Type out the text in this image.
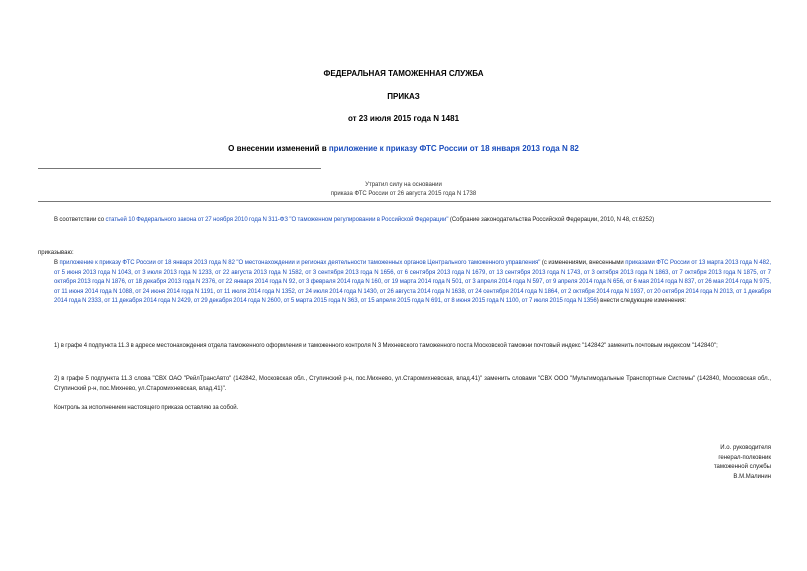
ФЕДЕРАЛЬНАЯ ТАМОЖЕННАЯ СЛУЖБА
ПРИКАЗ
от 23 июля 2015 года N 1481
О внесении изменений в приложение к приказу ФТС России от 18 января 2013 года N 82
Утратил силу на основании
приказа ФТС России от 26 августа 2015 года N 1738
В соответствии со статьей 10 Федерального закона от 27 ноября 2010 года N 311-ФЗ "О таможенном регулировании в Российской Федерации" (Собрание законодательства Российской Федерации, 2010, N 48, ст.6252)
приказываю:
В приложение к приказу ФТС России от 18 января 2013 года N 82 "О местонахождении и регионах деятельности таможенных органов Центрального таможенного управления" (с изменениями, внесенными приказами ФТС России от 13 марта 2013 года N 482, от 5 июня 2013 года N 1043, от 3 июля 2013 года N 1233, от 22 августа 2013 года N 1582, от 3 сентября 2013 года N 1656, от 6 сентября 2013 года N 1679, от 13 сентября 2013 года N 1743, от 3 октября 2013 года N 1863, от 7 октября 2013 года N 1875, от 7 октября 2013 года N 1876, от 18 декабря 2013 года N 2376, от 22 января 2014 года N 92, от 3 февраля 2014 года N 160, от 19 марта 2014 года N 501, от 3 апреля 2014 года N 597, от 9 апреля 2014 года N 656, от 6 мая 2014 года N 837, от 26 мая 2014 года N 975, от 11 июня 2014 года N 1088, от 24 июня 2014 года N 1191, от 11 июля 2014 года N 1352, от 24 июля 2014 года N 1430, от 26 августа 2014 года N 1638, от 24 сентября 2014 года N 1864, от 2 октября 2014 года N 1937, от 20 октября 2014 года N 2013, от 1 декабря 2014 года N 2333, от 11 декабря 2014 года N 2429, от 29 декабря 2014 года N 2600, от 5 марта 2015 года N 363, от 15 апреля 2015 года N 691, от 8 июня 2015 года N 1100, от 7 июля 2015 года N 1356) внести следующие изменения:
1) в графе 4 подпункта 11.3 в адресе местонахождения отдела таможенного оформления и таможенного контроля N 3 Михневского таможенного поста Московской таможни почтовый индекс "142842" заменить почтовым индексом "142840";
2) в графе 5 подпункта 11.3 слова "СВХ ОАО "РейлТрансАвто" (142842, Московская обл., Ступинский р-н, пос.Михнево, ул.Старомихневская, влад.41)" заменить словами "СВХ ООО "Мультимодальные Транспортные Системы" (142840, Московская обл., Ступинский р-н, пос.Михнево, ул.Старомихневская, влад.41)".
Контроль за исполнением настоящего приказа оставляю за собой.
И.о. руководителя
генерал-полковник
таможенной службы
В.М.Малинин
